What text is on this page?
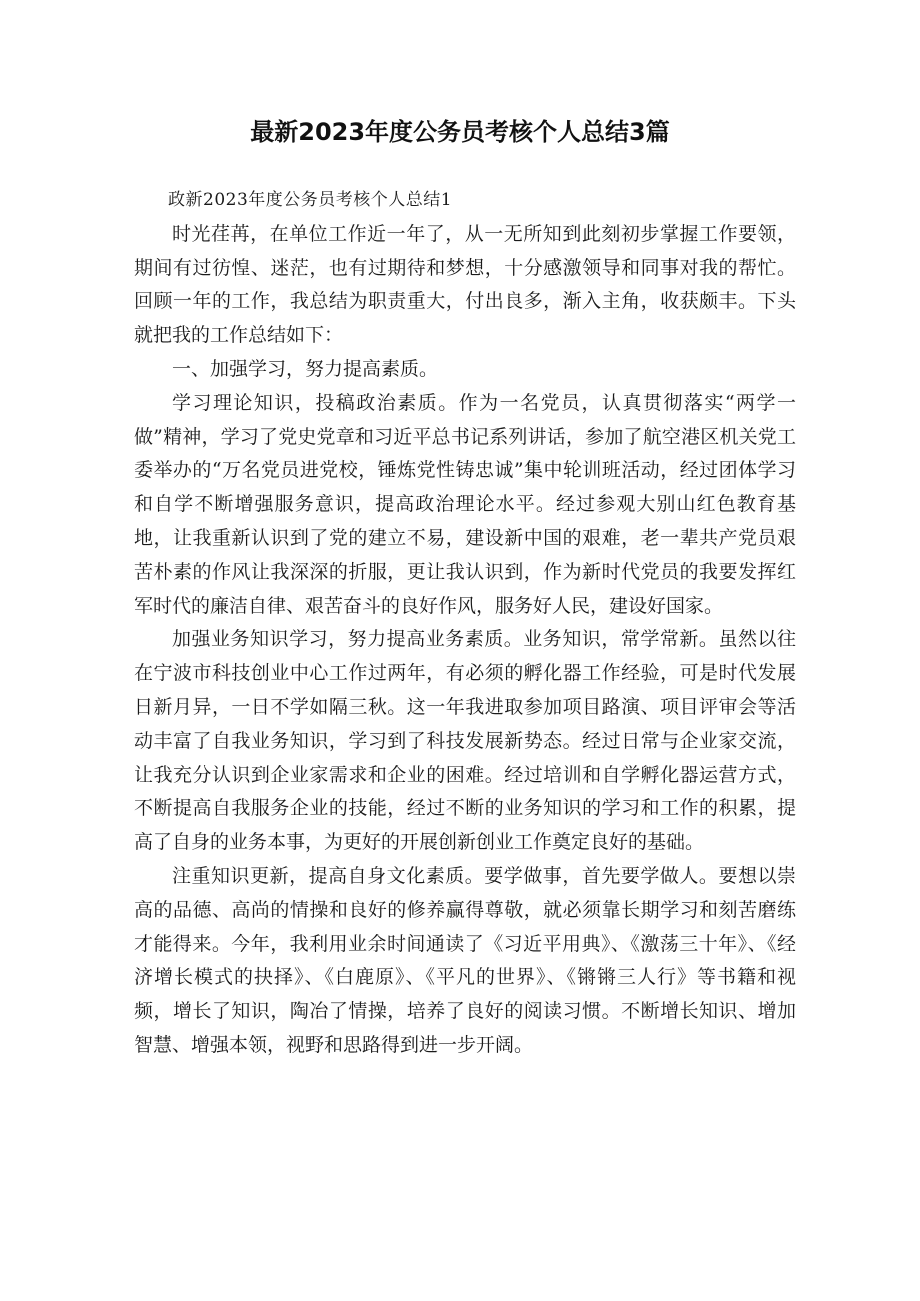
最新2023年度公务员考核个人总结3篇

政新2023年度公务员考核个人总结1

时光荏苒，在单位工作近一年了，从一无所知到此刻初步掌握工作要领，期间有过彷惶、迷茫，也有过期待和梦想，十分感激领导和同事对我的帮忙。回顾一年的工作，我总结为职责重大，付出良多，渐入主角，收获颇丰。下头就把我的工作总结如下：

一、加强学习，努力提高素质。

学习理论知识，投稿政治素质。作为一名党员，认真贯彻落实“两学一做”精神，学习了党史党章和习近平总书记系列讲话，参加了航空港区机关党工委举办的“万名党员进党校，锤炼党性铸忠诚”集中轮训班活动，经过团体学习和自学不断增强服务意识，提高政治理论水平。经过参观大别山红色教育基地，让我重新认识到了党的建立不易，建设新中国的艰难，老一辈共产党员艰苦朴素的作风让我深深的折服，更让我认识到，作为新时代党员的我要发挥红军时代的廉洁自律、艰苦奋斗的良好作风，服务好人民，建设好国家。

加强业务知识学习，努力提高业务素质。业务知识，常学常新。虽然以往在宁波市科技创业中心工作过两年，有必须的孵化器工作经验，可是时代发展日新月异，一日不学如隔三秋。这一年我进取参加项目路演、项目评审会等活动丰富了自我业务知识，学习到了科技发展新势态。经过日常与企业家交流，让我充分认识到企业家需求和企业的困难。经过培训和自学孵化器运营方式，不断提高自我服务企业的技能，经过不断的业务知识的学习和工作的积累，提高了自身的业务本事，为更好的开展创新创业工作奠定良好的基础。

注重知识更新，提高自身文化素质。要学做事，首先要学做人。要想以崇高的品德、高尚的情操和良好的修养赢得尊敬，就必须靠长期学习和刻苦磨练才能得来。今年，我利用业余时间通读了《习近平用典》、《激荡三十年》、《经济增长模式的抉择》、《白鹿原》、《平凡的世界》、《锵锵三人行》等书籍和视频，增长了知识，陶冶了情操，培养了良好的阅读习惯。不断增长知识、增加智慧、增强本领，视野和思路得到进一步开阔。
